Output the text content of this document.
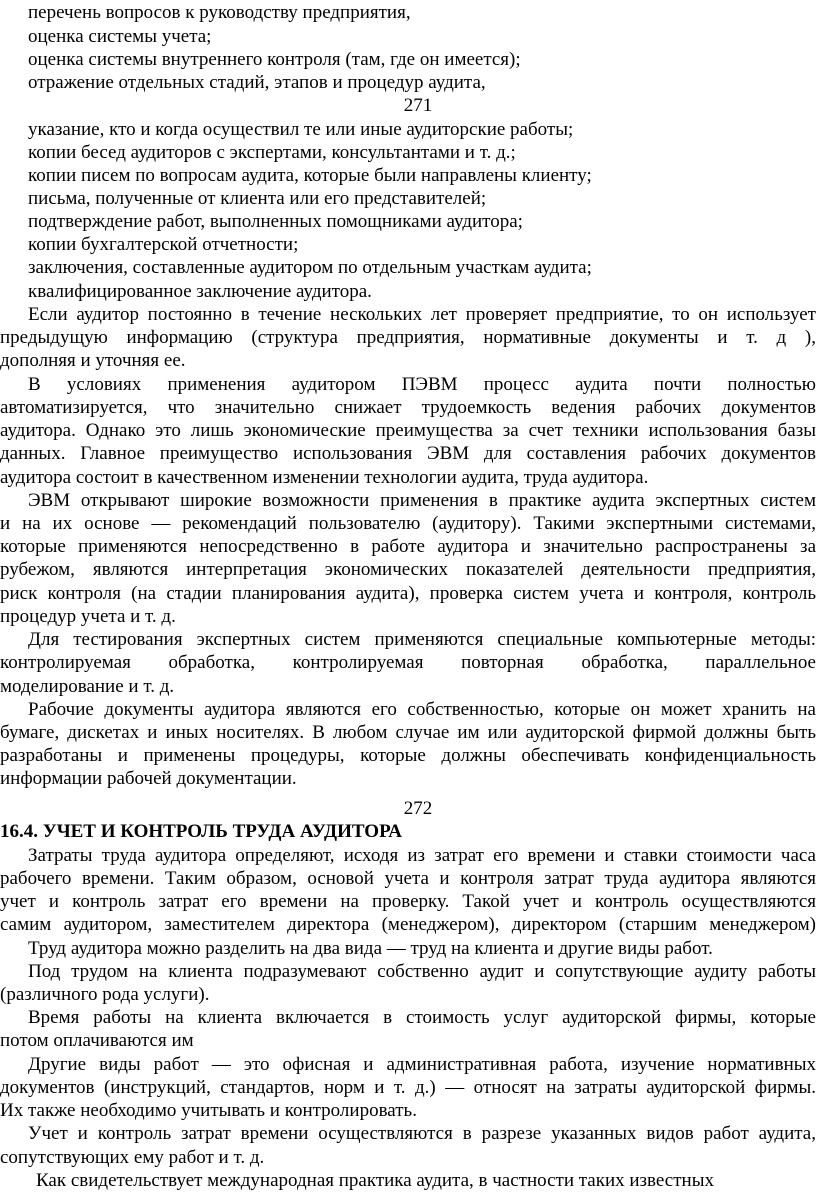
перечень вопросов к руководству предприятия,
оценка системы учета;
оценка системы внутреннего контроля (там, где он имеется);
отражение отдельных стадий, этапов и процедур аудита,
271
указание, кто и когда осуществил те или иные аудиторские работы;
копии бесед аудиторов с экспертами, консультантами и т. д.;
копии писем по вопросам аудита, которые были направлены клиенту;
письма, полученные от клиента или его представителей;
подтверждение работ, выполненных помощниками аудитора;
копии бухгалтерской отчетности;
заключения, составленные аудитором по отдельным участкам аудита;
квалифицированное заключение аудитора.
Если аудитор постоянно в течение нескольких лет проверяет предприятие, то он использует
предыдущую информацию (структура предприятия, нормативные документы и т. д ),
дополняя и уточняя ее.
В условиях применения аудитором ПЭВМ процесс аудита почти полностью
автоматизируется, что значительно снижает трудоемкость ведения рабочих документов
аудитора. Однако это лишь экономические преимущества за счет техники использования базы
данных. Главное преимущество использования ЭВМ для составления рабочих документов
аудитора состоит в качественном изменении технологии аудита, труда аудитора.
ЭВМ открывают широкие возможности применения в практике аудита экспертных систем
и на их основе — рекомендаций пользователю (аудитору). Такими экспертными системами,
которые применяются непосредственно в работе аудитора и значительно распространены за
рубежом, являются интерпретация экономических показателей деятельности предприятия,
риск контроля (на стадии планирования аудита), проверка систем учета и контроля, контроль
процедур учета и т. д.
Для тестирования экспертных систем применяются специальные компьютерные методы:
контролируемая обработка, контролируемая повторная обработка, параллельное
моделирование и т. д.
Рабочие документы аудитора являются его собственностью, которые он может хранить на
бумаге, дискетах и иных носителях. В любом случае им или аудиторской фирмой должны быть
разработаны и применены процедуры, которые должны обеспечивать конфиденциальность
информации рабочей документации.
272
16.4. УЧЕТ И КОНТРОЛЬ ТРУДА АУДИТОРА
Затраты труда аудитора определяют, исходя из затрат его времени и ставки стоимости часа
рабочего времени. Таким образом, основой учета и контроля затрат труда аудитора являются
учет и контроль затрат его времени на проверку. Такой учет и контроль осуществляются
самим аудитором, заместителем директора (менеджером), директором (старшим менеджером)
Труд аудитора можно разделить на два вида — труд на клиента и другие виды работ.
Под трудом на клиента подразумевают собственно аудит и сопутствующие аудиту работы
(различного рода услуги).
Время работы на клиента включается в стоимость услуг аудиторской фирмы, которые
потом оплачиваются им
Другие виды работ — это офисная и административная работа, изучение нормативных
документов (инструкций, стандартов, норм и т. д.) — относят на затраты аудиторской фирмы.
Их также необходимо учитывать и контролировать.
Учет и контроль затрат времени осуществляются в разрезе указанных видов работ аудита,
сопутствующих ему работ и т. д.
Как свидетельствует международная практика аудита, в частности таких известных
